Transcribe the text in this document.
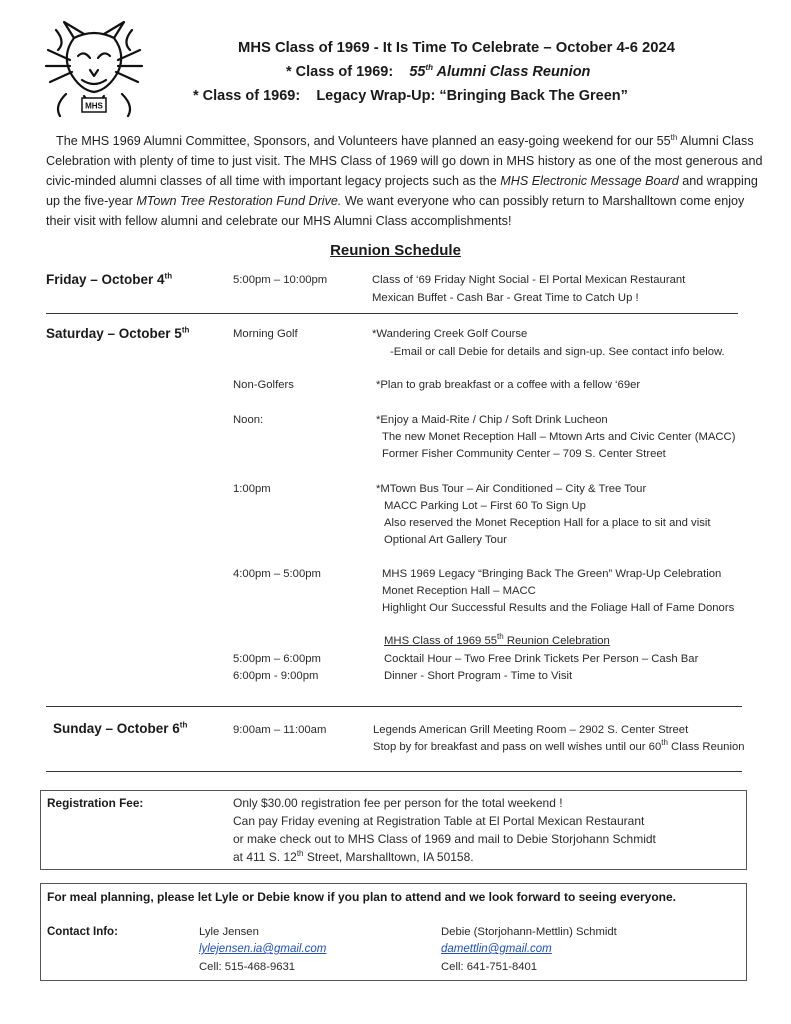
MHS
MHS Class of 1969 - It Is Time To Celebrate – October 4-6 2024
* Class of 1969: 55th Alumni Class Reunion
* Class of 1969: Legacy Wrap-Up: “Bringing Back The Green”
The MHS 1969 Alumni Committee, Sponsors, and Volunteers have planned an easy-going weekend for our 55th Alumni Class Celebration with plenty of time to just visit. The MHS Class of 1969 will go down in MHS history as one of the most generous and civic-minded alumni classes of all time with important legacy projects such as the MHS Electronic Message Board and wrapping up the five-year MTown Tree Restoration Fund Drive. We want everyone who can possibly return to Marshalltown come enjoy their visit with fellow alumni and celebrate our MHS Alumni Class accomplishments!
Reunion Schedule
Friday – October 4th	5:00pm – 10:00pm	Class of ‘69 Friday Night Social - El Portal Mexican Restaurant
Mexican Buffet - Cash Bar - Great Time to Catch Up !
Saturday – October 5th	Morning Golf	*Wandering Creek Golf Course
-Email or call Debie for details and sign-up. See contact info below.
Non-Golfers	*Plan to grab breakfast or a coffee with a fellow ‘69er
Noon:	*Enjoy a Maid-Rite / Chip / Soft Drink Lucheon
The new Monet Reception Hall – Mtown Arts and Civic Center (MACC)
Former Fisher Community Center – 709 S. Center Street
1:00pm	*MTown Bus Tour – Air Conditioned – City & Tree Tour
MACC Parking Lot – First 60 To Sign Up
Also reserved the Monet Reception Hall for a place to sit and visit
Optional Art Gallery Tour
4:00pm – 5:00pm	MHS 1969 Legacy “Bringing Back The Green” Wrap-Up Celebration
Monet Reception Hall – MACC
Highlight Our Successful Results and the Foliage Hall of Fame Donors
MHS Class of 1969 55th Reunion Celebration
5:00pm – 6:00pm	Cocktail Hour – Two Free Drink Tickets Per Person – Cash Bar
6:00pm - 9:00pm	Dinner - Short Program - Time to Visit
Sunday – October 6th	9:00am – 11:00am	Legends American Grill Meeting Room – 2902 S. Center Street
Stop by for breakfast and pass on well wishes until our 60th Class Reunion
Registration Fee:	Only $30.00 registration fee per person for the total weekend !
Can pay Friday evening at Registration Table at El Portal Mexican Restaurant
or make check out to MHS Class of 1969 and mail to Debie Storjohann Schmidt
at 411 S. 12th Street, Marshalltown, IA 50158.
For meal planning, please let Lyle or Debie know if you plan to attend and we look forward to seeing everyone.
Contact Info:	Lyle Jensen
lylejensen.ia@gmail.com
Cell: 515-468-9631
Debie (Storjohann-Mettlin) Schmidt
damettlin@gmail.com
Cell: 641-751-8401
